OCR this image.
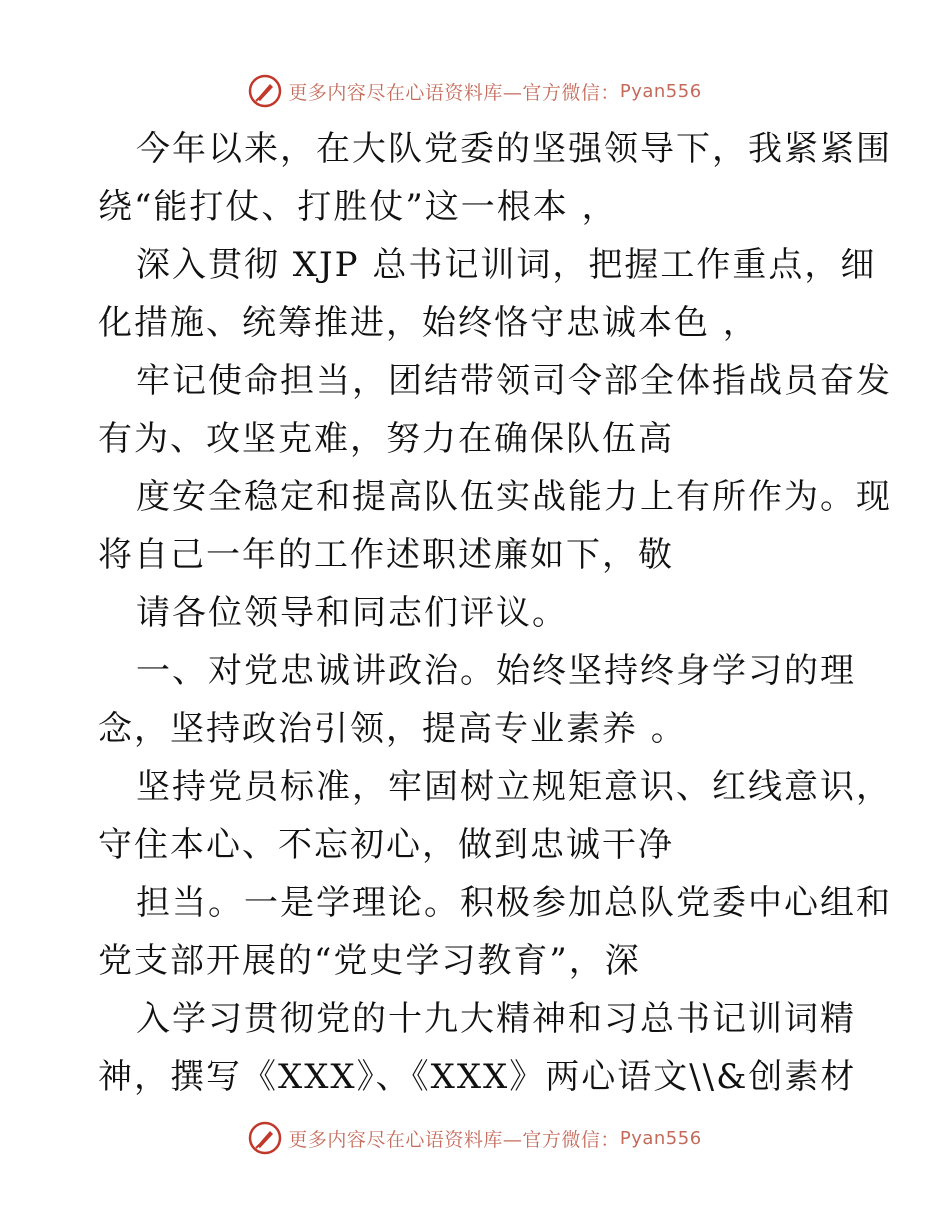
更多内容尽在心语资料库—官方微信： Pyan556
今年以来，在大队党委的坚强领导下，我紧紧围
绕“能打仗、打胜仗”这一根本 ，
深入贯彻 XJP 总书记训词，把握工作重点，细
化措施、统筹推进，始终恪守忠诚本色 ，
牢记使命担当，团结带领司令部全体指战员奋发
有为、攻坚克难，努力在确保队伍高
度安全稳定和提高队伍实战能力上有所作为。现
将自己一年的工作述职述廉如下，敬
请各位领导和同志们评议。
一、对党忠诚讲政治。始终坚持终身学习的理
念，坚持政治引领，提高专业素养 。
坚持党员标准，牢固树立规矩意识、红线意识，
守住本心、不忘初心，做到忠诚干净
担当。一是学理论。积极参加总队党委中心组和
党支部开展的“党史学习教育”，深
入学习贯彻党的十九大精神和习总书记训词精
神，撰写《XXX》、《XXX》两心语文\\&创素材
更多内容尽在心语资料库—官方微信： Pyan556
